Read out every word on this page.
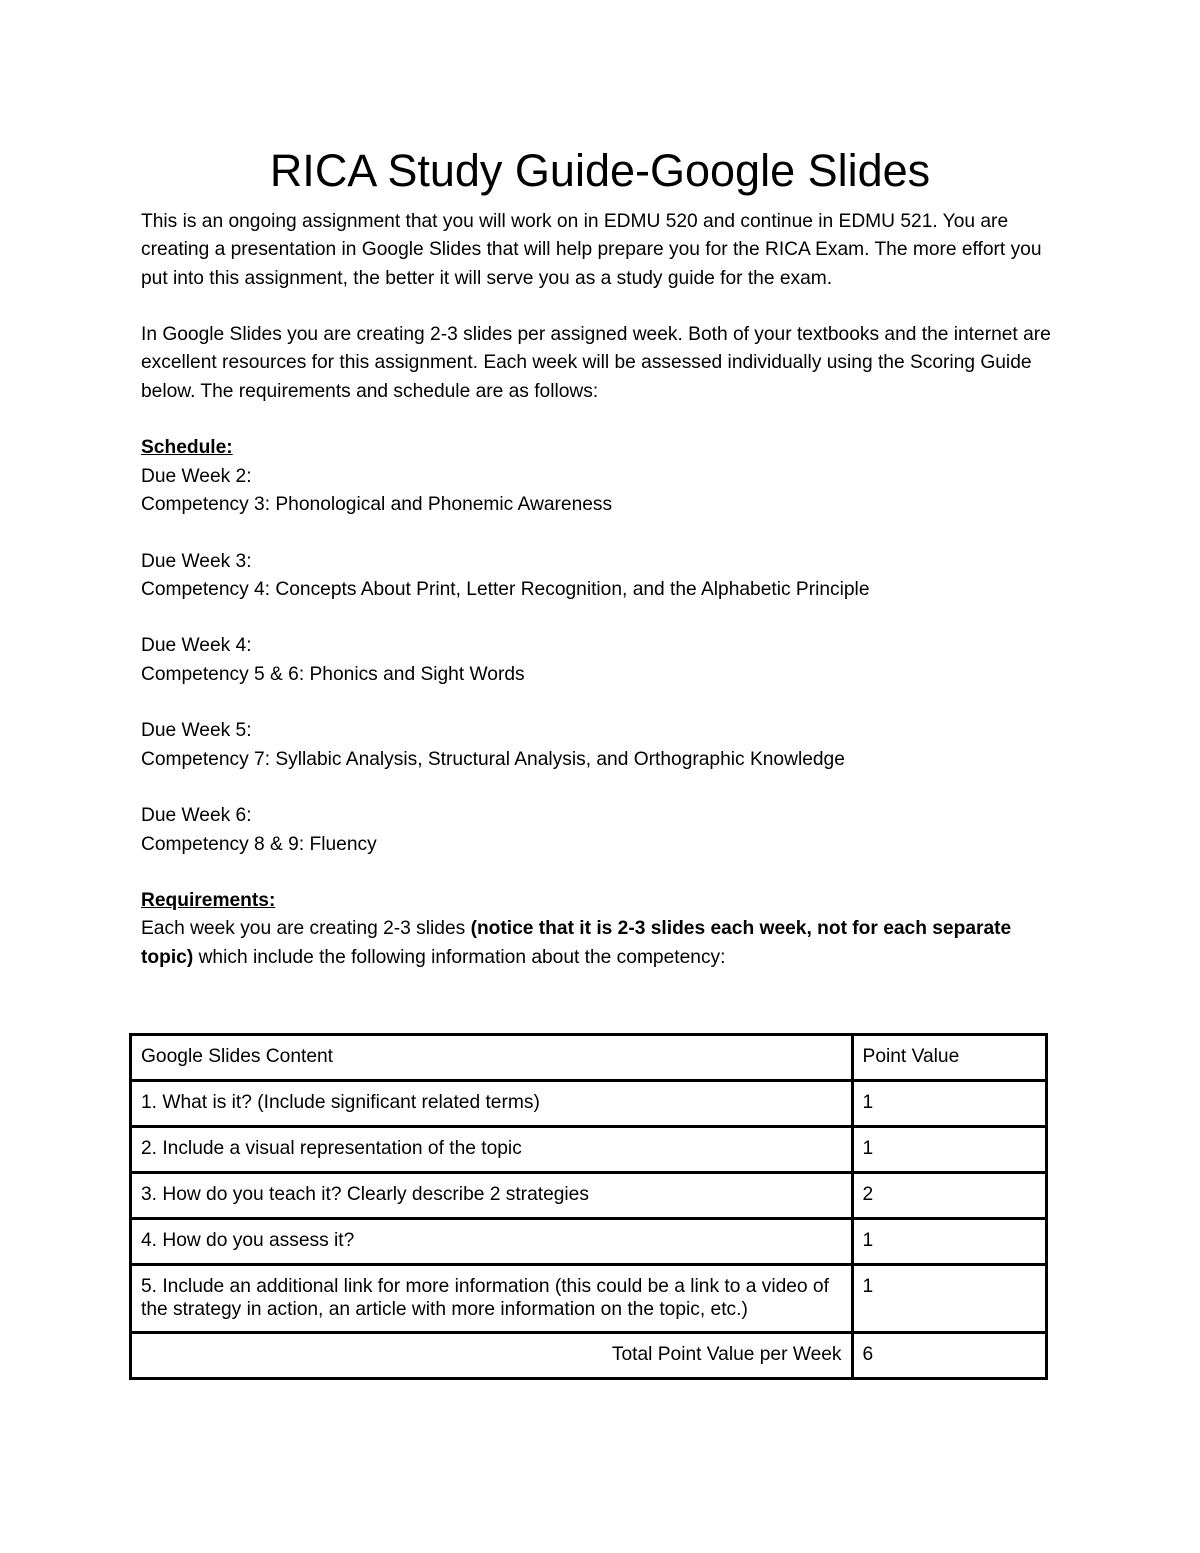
RICA Study Guide-Google Slides

This is an ongoing assignment that you will work on in EDMU 520 and continue in EDMU 521. You are creating a presentation in Google Slides that will help prepare you for the RICA Exam. The more effort you put into this assignment, the better it will serve you as a study guide for the exam.

In Google Slides you are creating 2-3 slides per assigned week. Both of your textbooks and the internet are excellent resources for this assignment. Each week will be assessed individually using the Scoring Guide below. The requirements and schedule are as follows:

Schedule:
Due Week 2:
Competency 3: Phonological and Phonemic Awareness
Due Week 3:
Competency 4: Concepts About Print, Letter Recognition, and the Alphabetic Principle
Due Week 4:
Competency 5 & 6: Phonics and Sight Words
Due Week 5:
Competency 7: Syllabic Analysis, Structural Analysis, and Orthographic Knowledge
Due Week 6:
Competency 8 & 9: Fluency
Requirements:

Each week you are creating 2-3 slides (notice that it is 2-3 slides each week, not for each separate topic) which include the following information about the competency:

Google Slides Content	Point Value
1. What is it? (Include significant related terms)	1
2. Include a visual representation of the topic	1
3. How do you teach it? Clearly describe 2 strategies	2
4. How do you assess it?	1
5. Include an additional link for more information (this could be a link to a video of the strategy in action, an article with more information on the topic, etc.)	1
Total Point Value per Week	6
